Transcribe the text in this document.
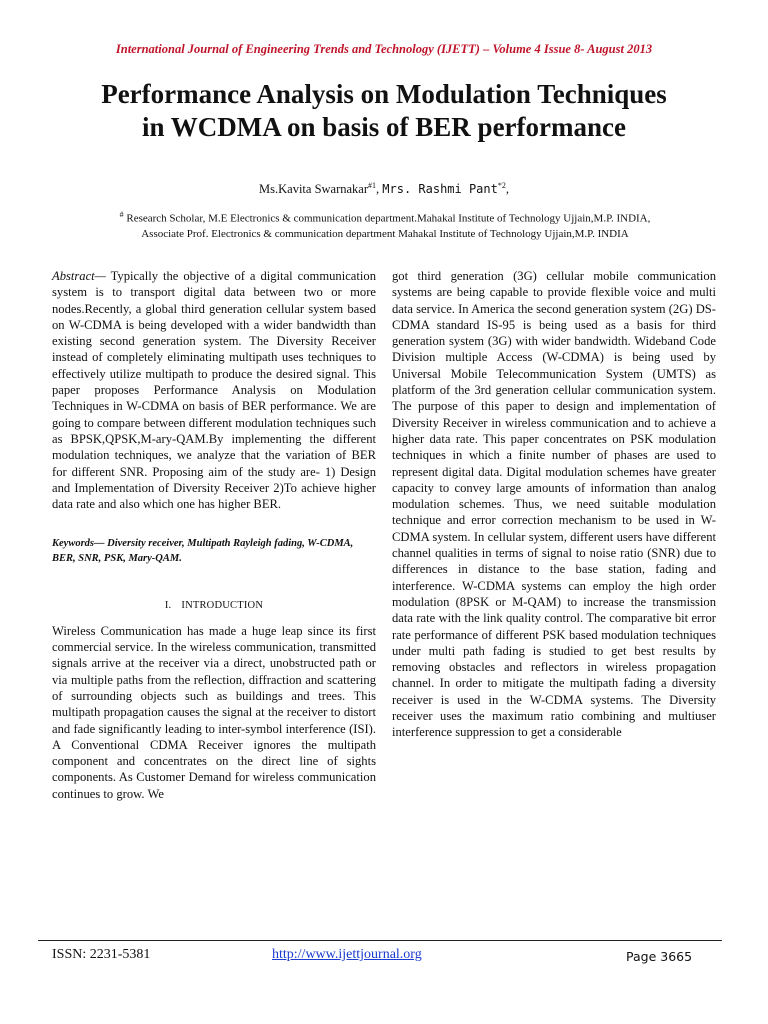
International Journal of Engineering Trends and Technology (IJETT) – Volume 4 Issue 8- August 2013
Performance Analysis on Modulation Techniques
in WCDMA on basis of BER performance
Ms.Kavita Swarnakar$^{\#1}$, Mrs. Rashmi Pant$^{*2}$,
# Research Scholar, M.E Electronics & communication department.Mahakal Institute of Technology Ujjain,M.P. INDIA,
Associate Prof. Electronics & communication department Mahakal Institute of Technology Ujjain,M.P. INDIA

Abstract— Typically the objective of a digital communication system is to transport digital data between two or more nodes.Recently, a global third generation cellular system based on W-CDMA is being developed with a wider bandwidth than existing second generation system. The Diversity Receiver instead of completely eliminating multipath uses techniques to effectively utilize multipath to produce the desired signal. This paper proposes Performance Analysis on Modulation Techniques in W-CDMA on basis of BER performance. We are going to compare between different modulation techniques such as BPSK,QPSK,M-ary-QAM.By implementing the different modulation techniques, we analyze that the variation of BER for different SNR. Proposing aim of the study are- 1) Design and Implementation of Diversity Receiver 2)To achieve higher data rate and also which one has higher BER.

Keywords— Diversity receiver, Multipath Rayleigh fading, W-CDMA, BER, SNR, PSK, Mary-QAM.

I. INTRODUCTION

Wireless Communication has made a huge leap since its first commercial service. In the wireless communication, transmitted signals arrive at the receiver via a direct, unobstructed path or via multiple paths from the reflection, diffraction and scattering of surrounding objects such as buildings and trees. This multipath propagation causes the signal at the receiver to distort and fade significantly leading to inter-symbol interference (ISI). A Conventional CDMA Receiver ignores the multipath component and concentrates on the direct line of sights components. As Customer Demand for wireless communication continues to grow. We

got third generation (3G) cellular mobile communication systems are being capable to provide flexible voice and multi data service. In America the second generation system (2G) DS-CDMA standard IS-95 is being used as a basis for third generation system (3G) with wider bandwidth. Wideband Code Division multiple Access (W-CDMA) is being used by Universal Mobile Telecommunication System (UMTS) as platform of the 3rd generation cellular communication system. The purpose of this paper to design and implementation of Diversity Receiver in wireless communication and to achieve a higher data rate. This paper concentrates on PSK modulation techniques in which a finite number of phases are used to represent digital data. Digital modulation schemes have greater capacity to convey large amounts of information than analog modulation schemes. Thus, we need suitable modulation technique and error correction mechanism to be used in W-CDMA system. In cellular system, different users have different channel qualities in terms of signal to noise ratio (SNR) due to differences in distance to the base station, fading and interference. W-CDMA systems can employ the high order modulation (8PSK or M-QAM) to increase the transmission data rate with the link quality control. The comparative bit error rate performance of different PSK based modulation techniques under multi path fading is studied to get best results by removing obstacles and reflectors in wireless propagation channel. In order to mitigate the multipath fading a diversity receiver is used in the W-CDMA systems. The Diversity receiver uses the maximum ratio combining and multiuser interference suppression to get a considerable

ISSN: 2231-5381	http://www.ijettjournal.org	Page 3665
